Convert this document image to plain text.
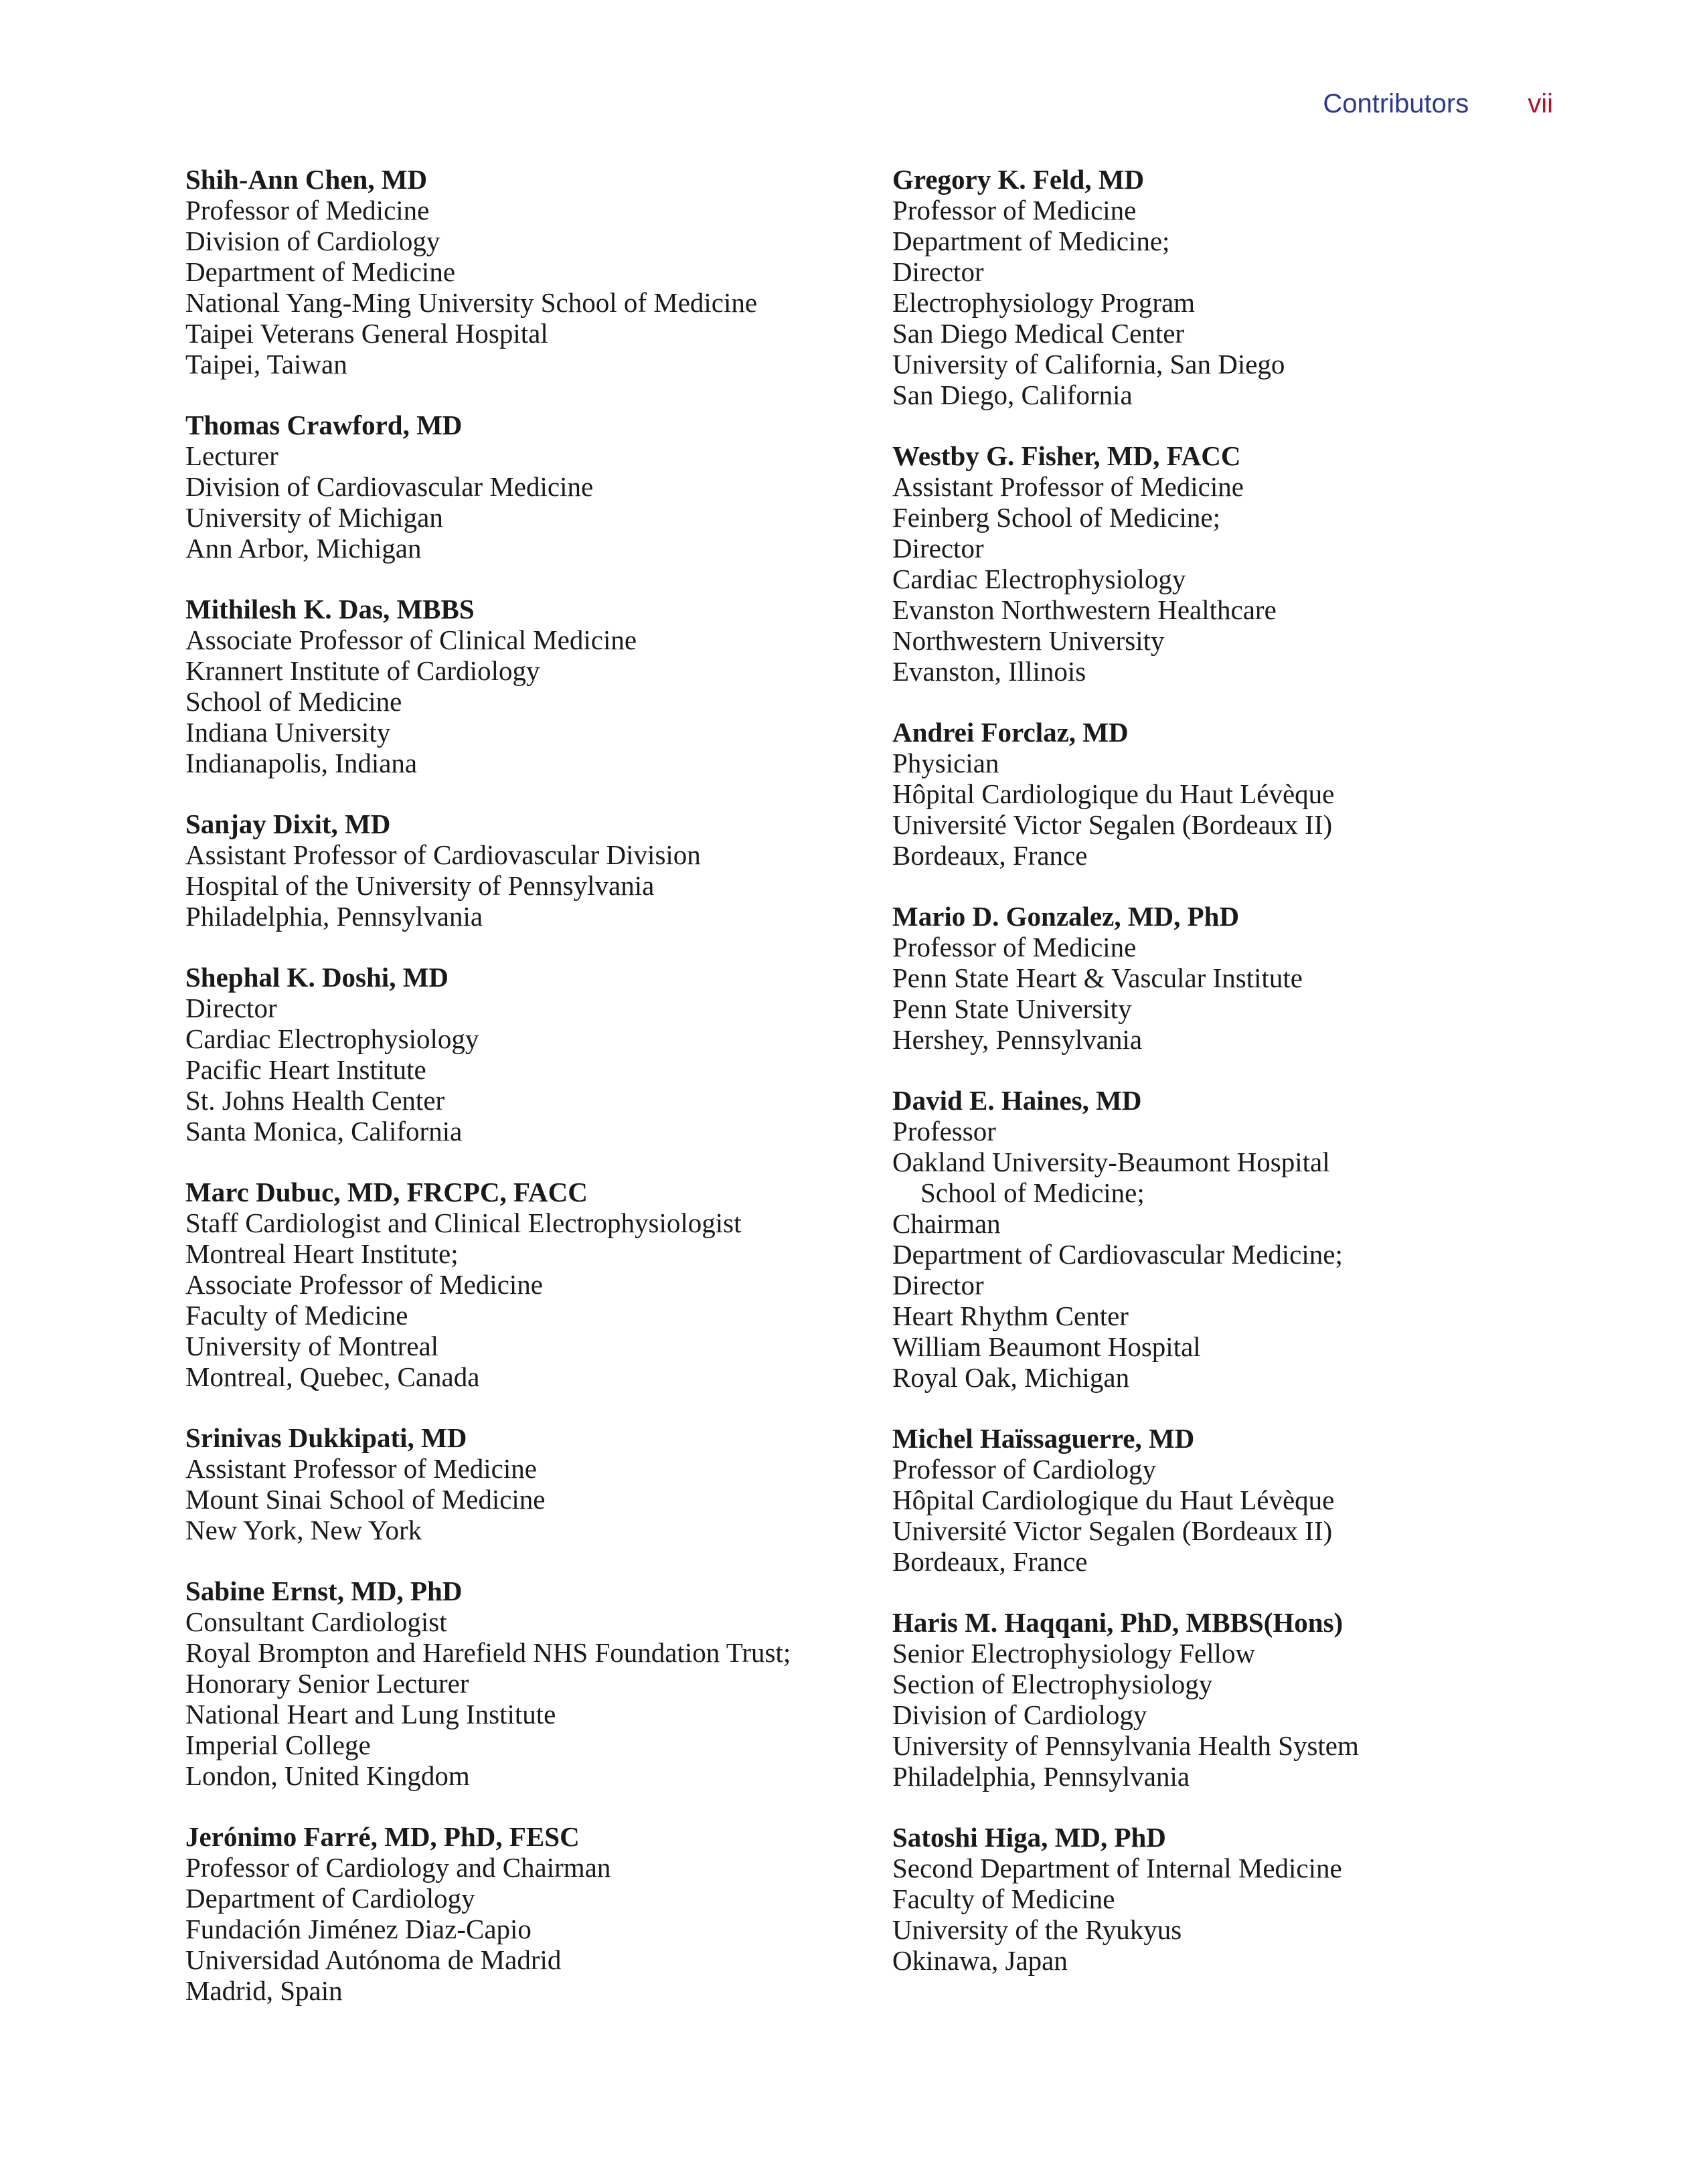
Contributors vii
Shih-Ann Chen, MD
Professor of Medicine
Division of Cardiology
Department of Medicine
National Yang-Ming University School of Medicine
Taipei Veterans General Hospital
Taipei, Taiwan
Thomas Crawford, MD
Lecturer
Division of Cardiovascular Medicine
University of Michigan
Ann Arbor, Michigan
Mithilesh K. Das, MBBS
Associate Professor of Clinical Medicine
Krannert Institute of Cardiology
School of Medicine
Indiana University
Indianapolis, Indiana
Sanjay Dixit, MD
Assistant Professor of Cardiovascular Division
Hospital of the University of Pennsylvania
Philadelphia, Pennsylvania
Shephal K. Doshi, MD
Director
Cardiac Electrophysiology
Pacific Heart Institute
St. Johns Health Center
Santa Monica, California
Marc Dubuc, MD, FRCPC, FACC
Staff Cardiologist and Clinical Electrophysiologist
Montreal Heart Institute;
Associate Professor of Medicine
Faculty of Medicine
University of Montreal
Montreal, Quebec, Canada
Srinivas Dukkipati, MD
Assistant Professor of Medicine
Mount Sinai School of Medicine
New York, New York
Sabine Ernst, MD, PhD
Consultant Cardiologist
Royal Brompton and Harefield NHS Foundation Trust;
Honorary Senior Lecturer
National Heart and Lung Institute
Imperial College
London, United Kingdom
Jerónimo Farré, MD, PhD, FESC
Professor of Cardiology and Chairman
Department of Cardiology
Fundación Jiménez Diaz-Capio
Universidad Autónoma de Madrid
Madrid, Spain
Gregory K. Feld, MD
Professor of Medicine
Department of Medicine;
Director
Electrophysiology Program
San Diego Medical Center
University of California, San Diego
San Diego, California
Westby G. Fisher, MD, FACC
Assistant Professor of Medicine
Feinberg School of Medicine;
Director
Cardiac Electrophysiology
Evanston Northwestern Healthcare
Northwestern University
Evanston, Illinois
Andrei Forclaz, MD
Physician
Hôpital Cardiologique du Haut Lévèque
Université Victor Segalen (Bordeaux II)
Bordeaux, France
Mario D. Gonzalez, MD, PhD
Professor of Medicine
Penn State Heart & Vascular Institute
Penn State University
Hershey, Pennsylvania
David E. Haines, MD
Professor
Oakland University-Beaumont Hospital
School of Medicine;
Chairman
Department of Cardiovascular Medicine;
Director
Heart Rhythm Center
William Beaumont Hospital
Royal Oak, Michigan
Michel Haïssaguerre, MD
Professor of Cardiology
Hôpital Cardiologique du Haut Lévèque
Université Victor Segalen (Bordeaux II)
Bordeaux, France
Haris M. Haqqani, PhD, MBBS(Hons)
Senior Electrophysiology Fellow
Section of Electrophysiology
Division of Cardiology
University of Pennsylvania Health System
Philadelphia, Pennsylvania
Satoshi Higa, MD, PhD
Second Department of Internal Medicine
Faculty of Medicine
University of the Ryukyus
Okinawa, Japan
